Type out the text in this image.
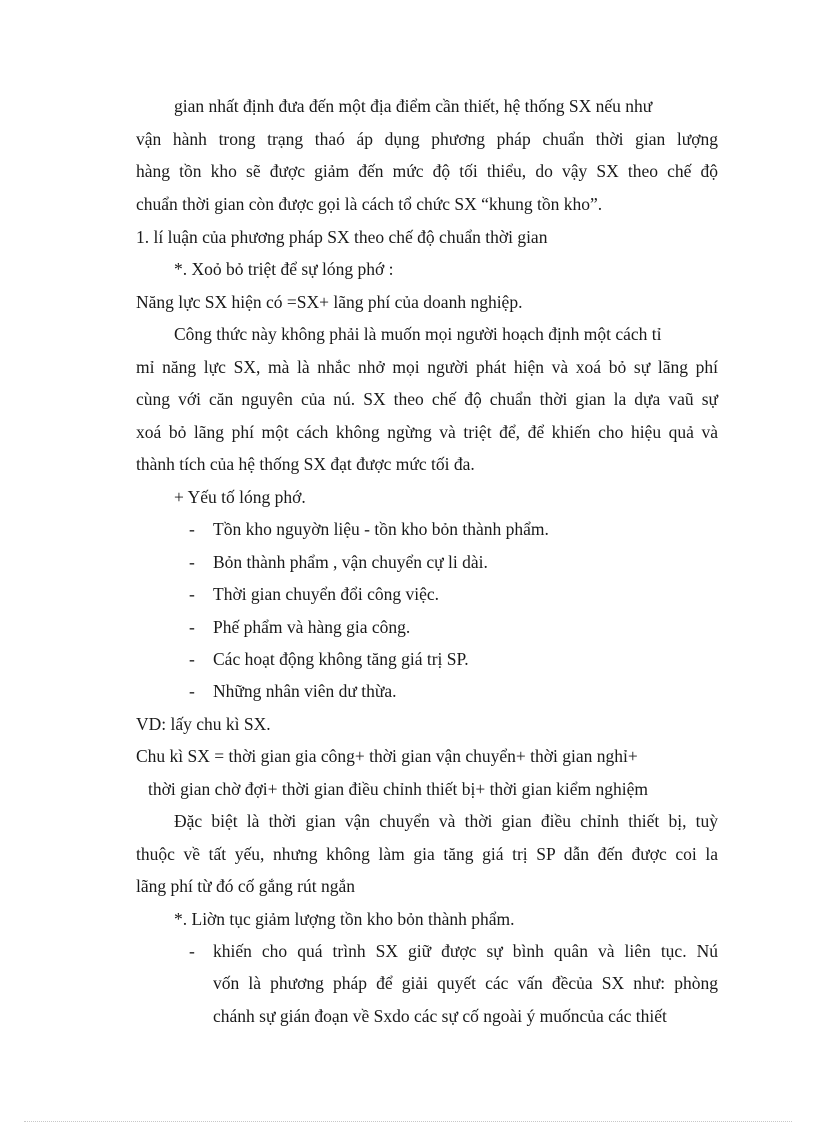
gian nhất định đưa đến một địa điểm cần thiết, hệ thống SX nếu như
vận hành trong trạng thaó áp dụng phương pháp chuẩn thời gian lượng
hàng tồn kho sẽ được giảm đến mức độ tối thiểu, do vậy SX theo chế độ
chuẩn thời gian còn được gọi là cách tổ chức SX “khung tồn kho”.
1. lí luận của phương pháp SX theo chế độ chuẩn thời gian
*. Xoỏ bỏ triệt để sự lóng phớ :
Năng lực SX hiện có =SX+ lãng phí của doanh nghiệp.
Công thức này không phải là muốn mọi người hoạch định một cách tỉ
mỉ năng lực SX, mà là nhắc nhở mọi người phát hiện và xoá bỏ sự lãng phí
cùng với căn nguyên của nú. SX theo chế độ chuẩn thời gian la dựa vaũ sự
xoá bỏ lãng phí một cách không ngừng và triệt để, để khiến cho hiệu quả và
thành tích của hệ thống SX đạt được mức tối đa.
+ Yếu tố lóng phớ.
- Tồn kho nguyờn liệu - tồn kho bỏn thành phẩm.
- Bỏn thành phẩm , vận chuyển cự li dài.
- Thời gian chuyển đổi công việc.
- Phế phẩm và hàng gia công.
- Các hoạt động không tăng giá trị SP.
- Những nhân viên dư thừa.
VD: lấy chu kì SX.
Chu kì SX = thời gian gia công+ thời gian vận chuyển+ thời gian nghỉ+
thời gian chờ đợi+ thời gian điều chỉnh thiết bị+ thời gian kiểm nghiệm
Đặc biệt là thời gian vận chuyển và thời gian điều chỉnh thiết bị, tuỳ
thuộc về tất yếu, nhưng không làm gia tăng giá trị SP dẫn đến được coi la
lãng phí từ đó cố gắng rút ngắn
*. Liờn tục giảm lượng tồn kho bỏn thành phẩm.
- khiến cho quá trình SX giữ được sự bình quân và liên tục. Nú
vốn là phương pháp để giải quyết các vấn đềcủa SX như: phòng
chánh sự gián đoạn về Sxdo các sự cố ngoài ý muốncủa các thiết
